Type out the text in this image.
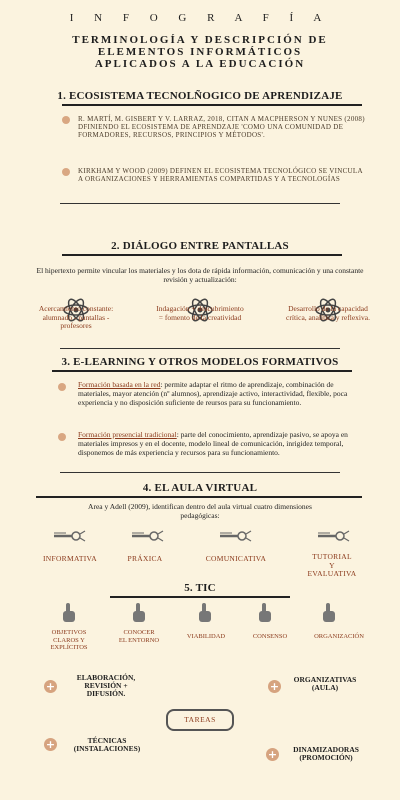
I N F O G R A F Í A
TERMINOLOGÍA Y DESCRIPCIÓN DE
ELEMENTOS INFORMÁTICOS
APLICADOS A LA EDUCACIÓN
1. ECOSISTEMA TECNOLÑOGICO DE APRENDIZAJE
R. MARTÍ, M. GISBERT Y V. LARRAZ, 2018, CITAN A MACPHERSON Y NUNES (2008) DFINIENDO EL ECOSISTEMA DE APRENDZAJE 'COMO UNA COMUNIDAD DE FORMADORES, RECURSOS, PRINCIPIOS Y MÉTODOS'.
KIRKHAM Y WOOD (2009) DEFINEN EL ECOSISTEMA TECNOLÓGICO SE VINCULA A ORGANIZACIONES Y HERRAMIENTAS COMPARTIDAS Y A TECNOLOGÍAS
2. DIÁLOGO ENTRE PANTALLAS
El hipertexto permite vincular los materiales y los dota de rápida información, comunicación y una constante revisión y actualización:
Acercamiento constante: alumnado - pantallas - profesores
Indagación + descubrimiento = fomento de la creatividad
Desarrollo de la capacidad crítica, analítica y reflexiva.
3. E-LEARNING Y OTROS MODELOS FORMATIVOS
Formación basada en la red: permite adaptar el ritmo de aprendizaje, combinación de materiales, mayor atención (nº alumnos), aprendizaje activo, interactividad, flexible, poca experiencia y no disposición suficiente de reursos para su funcionamiento.
Formación presencial tradicional: parte del conocimiento, aprendizaje pasivo, se apoya en materiales impresos y en el docente, modelo lineal de comunicación, inrigidez temporal, disponemos de más experiencia y recursos para su funcionamiento.
4. EL AULA VIRTUAL
Area y Adell (2009), identifican dentro del aula virtual cuatro dimensiones pedagógicas:
INFORMATIVA	PRÁXICA	COMUNICATIVA	TUTORIAL
Y
EVALUATIVA
5. TIC
OBJETIVOS
CLAROS Y
EXPLÍCITOS
CONOCER
EL ENTORNO	VIABILIDAD	CONSENSO	ORGANIZACIÓN
+
ELABORACIÓN,
REVISIÓN +
DIFUSIÓN.
+
ORGANIZATIVAS
(AULA)
TAREAS
+	TÉCNICAS
(INSTALACIONES)	+	DINAMIZADORAS
(PROMOCIÓN)
